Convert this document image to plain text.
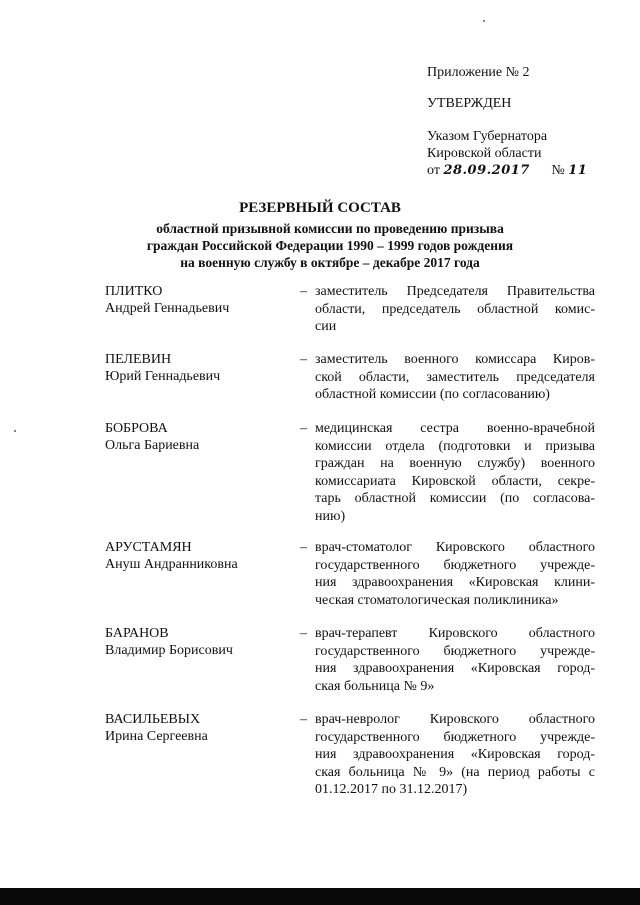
Приложение № 2
УТВЕРЖДЕН
Указом Губернатора
Кировской области
от 28.09.2017 № 11
РЕЗЕРВНЫЙ СОСТАВ
областной призывной комиссии по проведению призыва
граждан Российской Федерации 1990 – 1999 годов рождения
на военную службу в октябре – декабре 2017 года
ПЛИТКО
Андрей Геннадьевич
– заместитель Председателя Правительства
области, председатель областной комис-
сии
ПЕЛЕВИН
Юрий Геннадьевич
– заместитель военного комиссара Киров-
ской области, заместитель председателя
областной комиссии (по согласованию)
БОБРОВА
Ольга Бариевна
– медицинская сестра военно-врачебной
комиссии отдела (подготовки и призыва
граждан на военную службу) военного
комиссариата Кировской области, секре-
тарь областной комиссии (по согласова-
нию)
АРУСТАМЯН
Ануш Андранниковна
– врач-стоматолог Кировского областного
государственного бюджетного учрежде-
ния здравоохранения «Кировская клини-
ческая стоматологическая поликлиника»
БАРАНОВ
Владимир Борисович
– врач-терапевт Кировского областного
государственного бюджетного учрежде-
ния здравоохранения «Кировская город-
ская больница № 9»
ВАСИЛЬЕВЫХ
Ирина Сергеевна
– врач-невролог Кировского областного
государственного бюджетного учрежде-
ния здравоохранения «Кировская город-
ская больница № 9» (на период работы с
01.12.2017 по 31.12.2017)
